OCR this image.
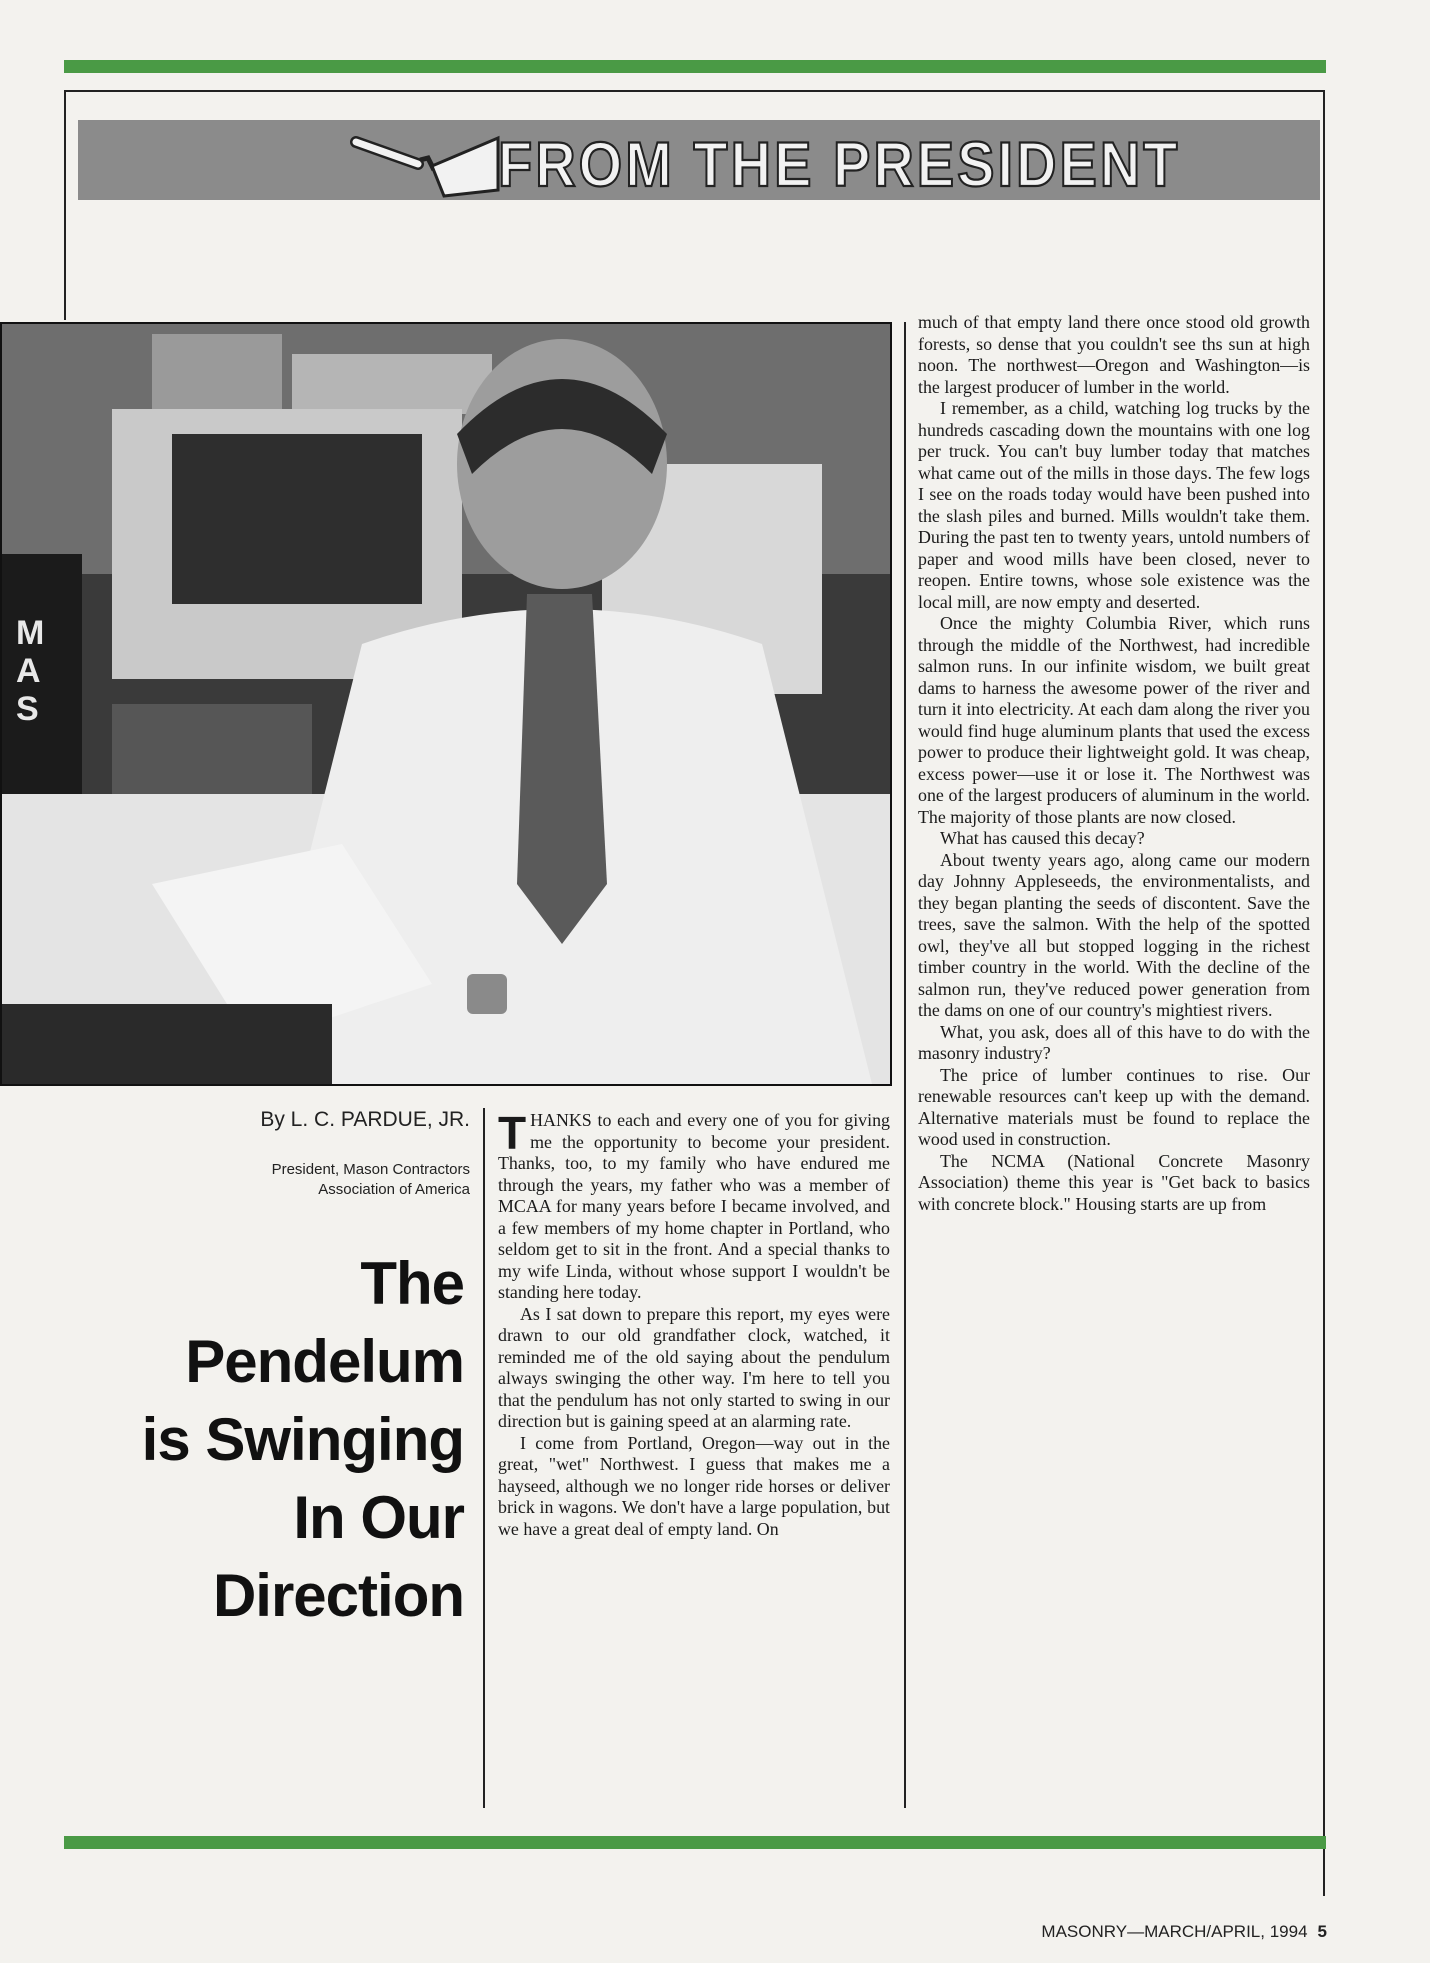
FROM THE PRESIDENT
M A S
By L. C. PARDUE, JR.
President, Mason Contractors
Association of America
The
Pendelum
is Swinging
In Our
Direction

THANKS to each and every one of you for giving me the opportunity to become your president. Thanks, too, to my family who have endured me through the years, my father who was a member of MCAA for many years before I became involved, and a few members of my home chapter in Portland, who seldom get to sit in the front. And a special thanks to my wife Linda, without whose support I wouldn't be standing here today.

As I sat down to prepare this report, my eyes were drawn to our old grandfather clock, watched, it reminded me of the old saying about the pendulum always swinging the other way. I'm here to tell you that the pendulum has not only started to swing in our direction but is gaining speed at an alarming rate.

I come from Portland, Oregon—way out in the great, "wet" Northwest. I guess that makes me a hayseed, although we no longer ride horses or deliver brick in wagons. We don't have a large population, but we have a great deal of empty land. On

much of that empty land there once stood old growth forests, so dense that you couldn't see ths sun at high noon. The northwest—Oregon and Washington—is the largest producer of lumber in the world.

I remember, as a child, watching log trucks by the hundreds cascading down the mountains with one log per truck. You can't buy lumber today that matches what came out of the mills in those days. The few logs I see on the roads today would have been pushed into the slash piles and burned. Mills wouldn't take them. During the past ten to twenty years, untold numbers of paper and wood mills have been closed, never to reopen. Entire towns, whose sole existence was the local mill, are now empty and deserted.

Once the mighty Columbia River, which runs through the middle of the Northwest, had incredible salmon runs. In our infinite wisdom, we built great dams to harness the awesome power of the river and turn it into electricity. At each dam along the river you would find huge aluminum plants that used the excess power to produce their lightweight gold. It was cheap, excess power—use it or lose it. The Northwest was one of the largest producers of aluminum in the world. The majority of those plants are now closed.

What has caused this decay?

About twenty years ago, along came our modern day Johnny Appleseeds, the environmentalists, and they began planting the seeds of discontent. Save the trees, save the salmon. With the help of the spotted owl, they've all but stopped logging in the richest timber country in the world. With the decline of the salmon run, they've reduced power generation from the dams on one of our country's mightiest rivers.

What, you ask, does all of this have to do with the masonry industry?

The price of lumber continues to rise. Our renewable resources can't keep up with the demand. Alternative materials must be found to replace the wood used in construction.

The NCMA (National Concrete Masonry Association) theme this year is "Get back to basics with concrete block." Housing starts are up from

MASONRY—MARCH/APRIL, 1994 5
